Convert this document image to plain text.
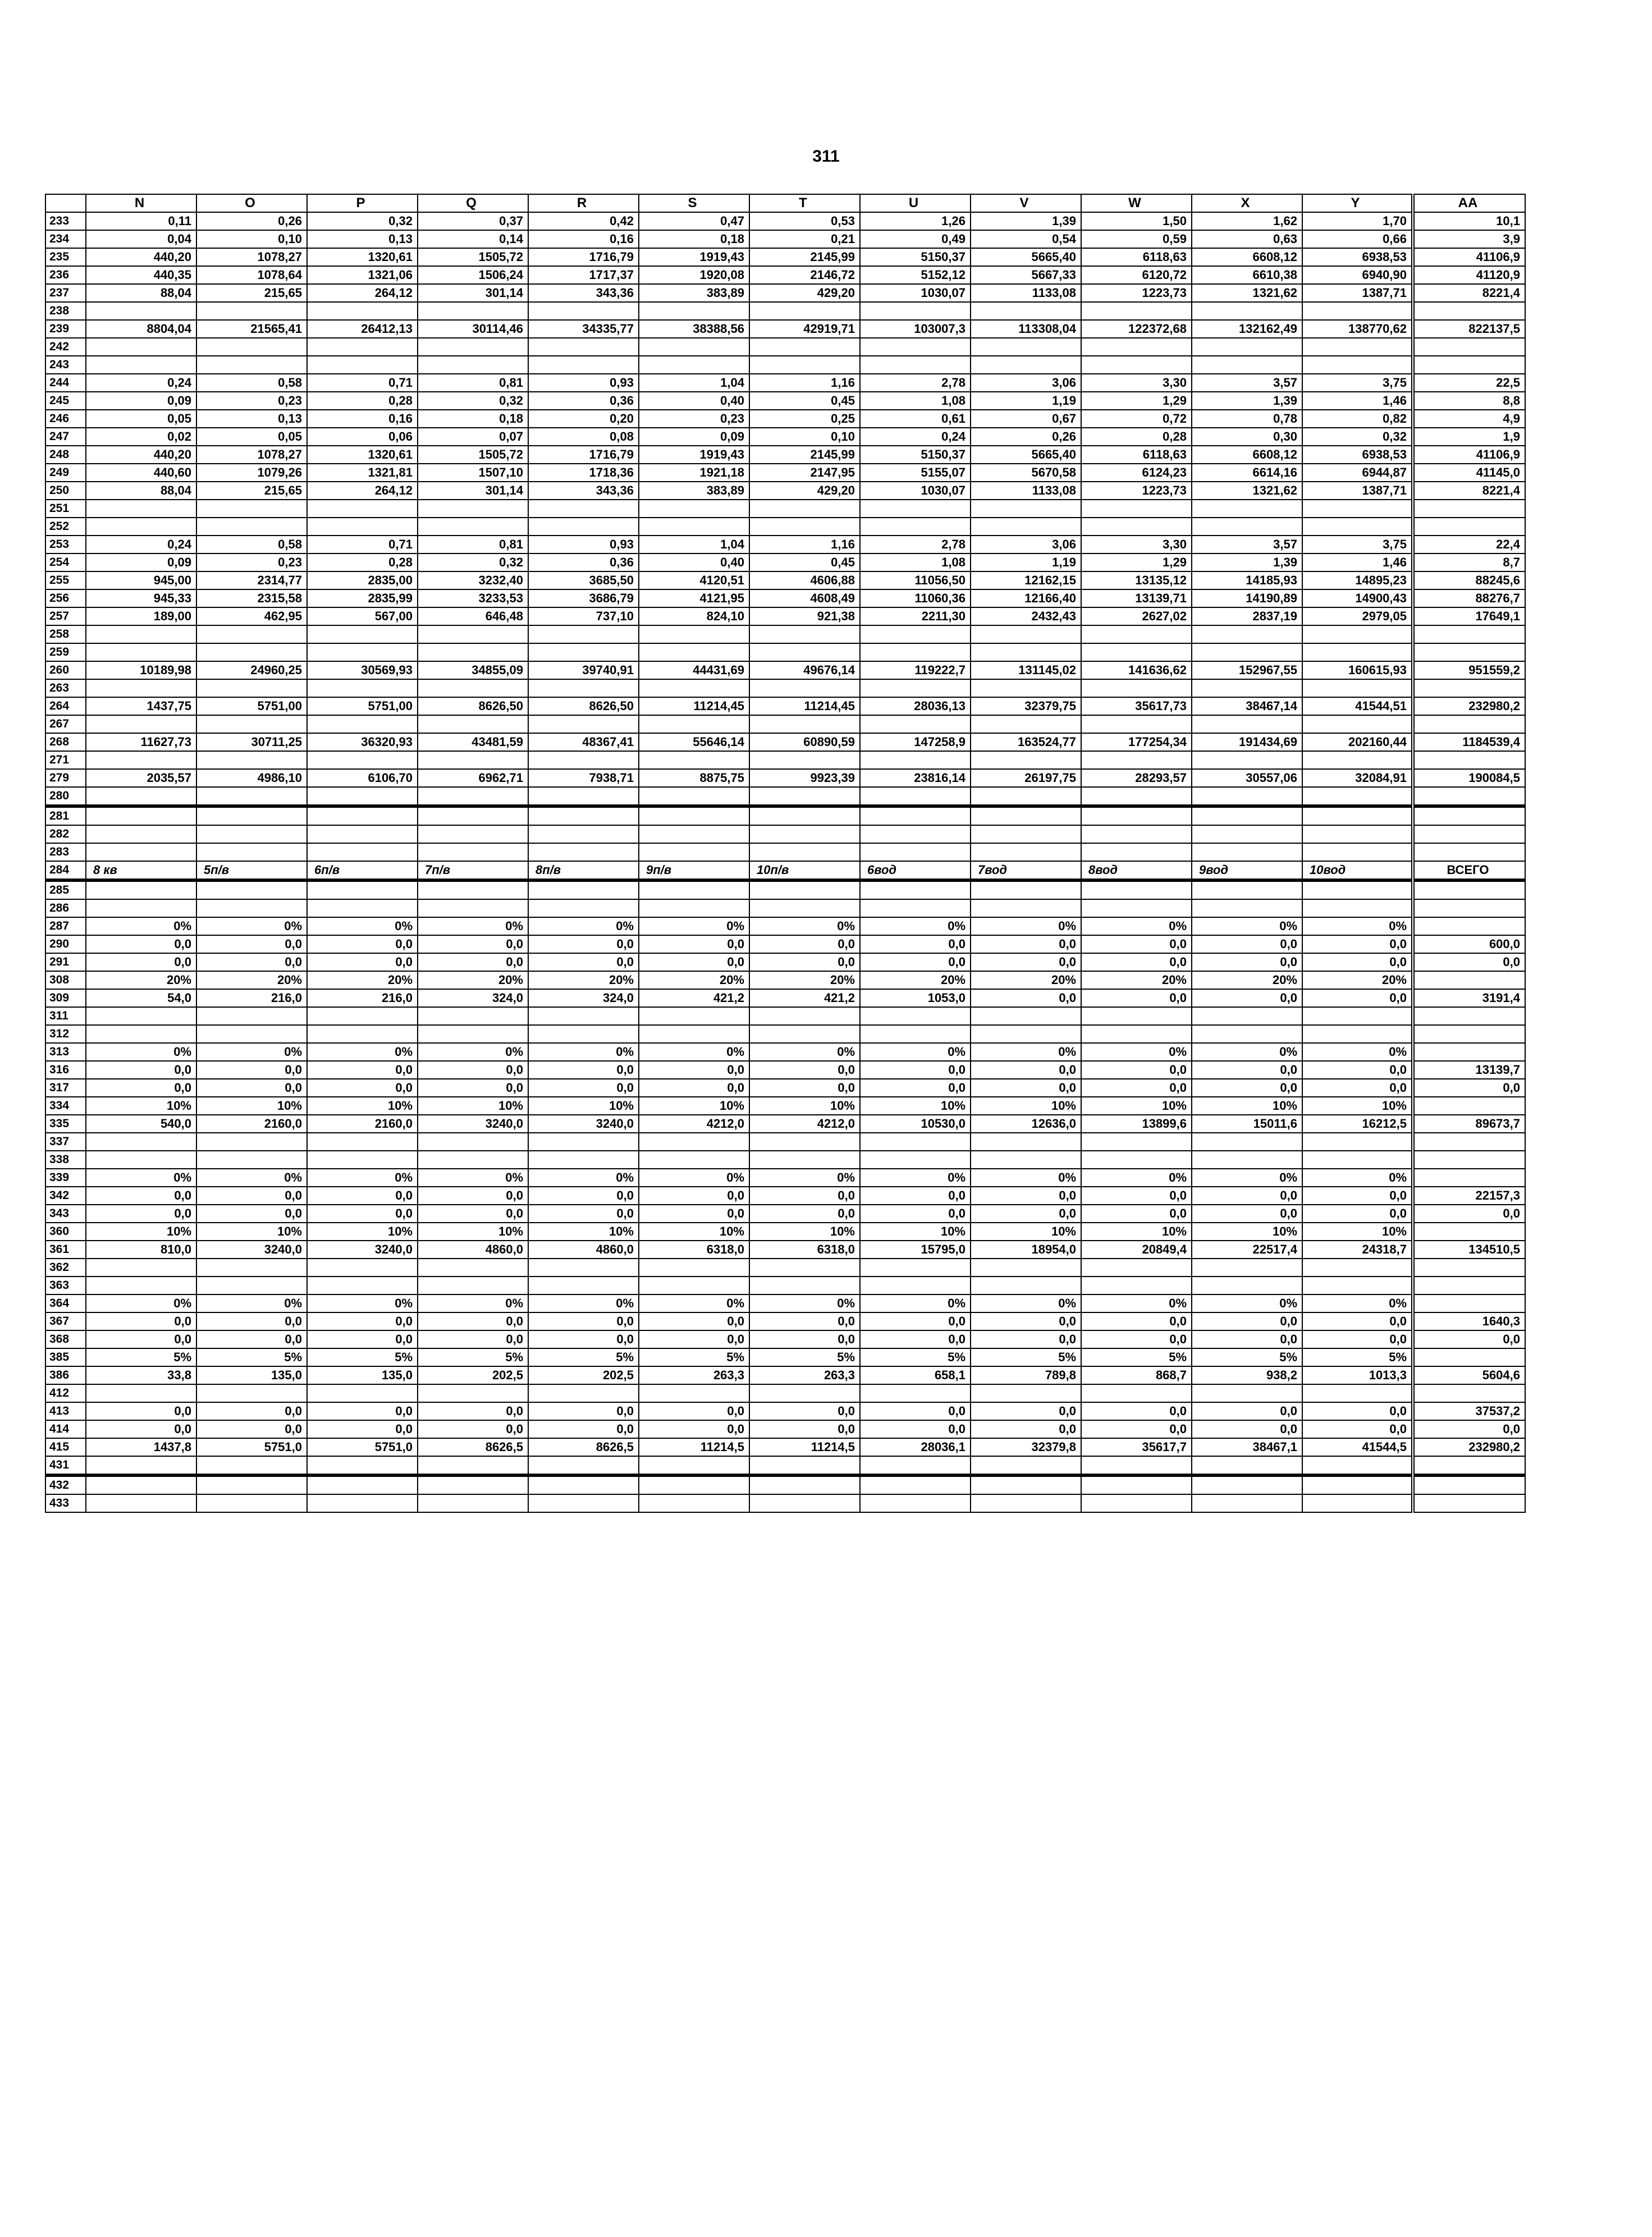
311
	N	O	P	Q	R	S	T	U	V	W	X	Y	AA
233	0,11	0,26	0,32	0,37	0,42	0,47	0,53	1,26	1,39	1,50	1,62	1,70	10,1
234	0,04	0,10	0,13	0,14	0,16	0,18	0,21	0,49	0,54	0,59	0,63	0,66	3,9
235	440,20	1078,27	1320,61	1505,72	1716,79	1919,43	2145,99	5150,37	5665,40	6118,63	6608,12	6938,53	41106,9
236	440,35	1078,64	1321,06	1506,24	1717,37	1920,08	2146,72	5152,12	5667,33	6120,72	6610,38	6940,90	41120,9
237	88,04	215,65	264,12	301,14	343,36	383,89	429,20	1030,07	1133,08	1223,73	1321,62	1387,71	8221,4
238													
239	8804,04	21565,41	26412,13	30114,46	34335,77	38388,56	42919,71	103007,3	113308,04	122372,68	132162,49	138770,62	822137,5
242													
243													
244	0,24	0,58	0,71	0,81	0,93	1,04	1,16	2,78	3,06	3,30	3,57	3,75	22,5
245	0,09	0,23	0,28	0,32	0,36	0,40	0,45	1,08	1,19	1,29	1,39	1,46	8,8
246	0,05	0,13	0,16	0,18	0,20	0,23	0,25	0,61	0,67	0,72	0,78	0,82	4,9
247	0,02	0,05	0,06	0,07	0,08	0,09	0,10	0,24	0,26	0,28	0,30	0,32	1,9
248	440,20	1078,27	1320,61	1505,72	1716,79	1919,43	2145,99	5150,37	5665,40	6118,63	6608,12	6938,53	41106,9
249	440,60	1079,26	1321,81	1507,10	1718,36	1921,18	2147,95	5155,07	5670,58	6124,23	6614,16	6944,87	41145,0
250	88,04	215,65	264,12	301,14	343,36	383,89	429,20	1030,07	1133,08	1223,73	1321,62	1387,71	8221,4
251													
252													
253	0,24	0,58	0,71	0,81	0,93	1,04	1,16	2,78	3,06	3,30	3,57	3,75	22,4
254	0,09	0,23	0,28	0,32	0,36	0,40	0,45	1,08	1,19	1,29	1,39	1,46	8,7
255	945,00	2314,77	2835,00	3232,40	3685,50	4120,51	4606,88	11056,50	12162,15	13135,12	14185,93	14895,23	88245,6
256	945,33	2315,58	2835,99	3233,53	3686,79	4121,95	4608,49	11060,36	12166,40	13139,71	14190,89	14900,43	88276,7
257	189,00	462,95	567,00	646,48	737,10	824,10	921,38	2211,30	2432,43	2627,02	2837,19	2979,05	17649,1
258													
259													
260	10189,98	24960,25	30569,93	34855,09	39740,91	44431,69	49676,14	119222,7	131145,02	141636,62	152967,55	160615,93	951559,2
263													
264	1437,75	5751,00	5751,00	8626,50	8626,50	11214,45	11214,45	28036,13	32379,75	35617,73	38467,14	41544,51	232980,2
267													
268	11627,73	30711,25	36320,93	43481,59	48367,41	55646,14	60890,59	147258,9	163524,77	177254,34	191434,69	202160,44	1184539,4
271													
279	2035,57	4986,10	6106,70	6962,71	7938,71	8875,75	9923,39	23816,14	26197,75	28293,57	30557,06	32084,91	190084,5
280													
281													
282													
283													
284	8 кв	5п/в	6п/в	7п/в	8п/в	9п/в	10п/в	6вод	7вод	8вод	9вод	10вод	ВСЕГО
285													
286													
287	0%	0%	0%	0%	0%	0%	0%	0%	0%	0%	0%	0%	
290	0,0	0,0	0,0	0,0	0,0	0,0	0,0	0,0	0,0	0,0	0,0	0,0	600,0
291	0,0	0,0	0,0	0,0	0,0	0,0	0,0	0,0	0,0	0,0	0,0	0,0	0,0
308	20%	20%	20%	20%	20%	20%	20%	20%	20%	20%	20%	20%	
309	54,0	216,0	216,0	324,0	324,0	421,2	421,2	1053,0	0,0	0,0	0,0	0,0	3191,4
311													
312													
313	0%	0%	0%	0%	0%	0%	0%	0%	0%	0%	0%	0%	
316	0,0	0,0	0,0	0,0	0,0	0,0	0,0	0,0	0,0	0,0	0,0	0,0	13139,7
317	0,0	0,0	0,0	0,0	0,0	0,0	0,0	0,0	0,0	0,0	0,0	0,0	0,0
334	10%	10%	10%	10%	10%	10%	10%	10%	10%	10%	10%	10%	
335	540,0	2160,0	2160,0	3240,0	3240,0	4212,0	4212,0	10530,0	12636,0	13899,6	15011,6	16212,5	89673,7
337													
338													
339	0%	0%	0%	0%	0%	0%	0%	0%	0%	0%	0%	0%	
342	0,0	0,0	0,0	0,0	0,0	0,0	0,0	0,0	0,0	0,0	0,0	0,0	22157,3
343	0,0	0,0	0,0	0,0	0,0	0,0	0,0	0,0	0,0	0,0	0,0	0,0	0,0
360	10%	10%	10%	10%	10%	10%	10%	10%	10%	10%	10%	10%	
361	810,0	3240,0	3240,0	4860,0	4860,0	6318,0	6318,0	15795,0	18954,0	20849,4	22517,4	24318,7	134510,5
362													
363													
364	0%	0%	0%	0%	0%	0%	0%	0%	0%	0%	0%	0%	
367	0,0	0,0	0,0	0,0	0,0	0,0	0,0	0,0	0,0	0,0	0,0	0,0	1640,3
368	0,0	0,0	0,0	0,0	0,0	0,0	0,0	0,0	0,0	0,0	0,0	0,0	0,0
385	5%	5%	5%	5%	5%	5%	5%	5%	5%	5%	5%	5%	
386	33,8	135,0	135,0	202,5	202,5	263,3	263,3	658,1	789,8	868,7	938,2	1013,3	5604,6
412													
413	0,0	0,0	0,0	0,0	0,0	0,0	0,0	0,0	0,0	0,0	0,0	0,0	37537,2
414	0,0	0,0	0,0	0,0	0,0	0,0	0,0	0,0	0,0	0,0	0,0	0,0	0,0
415	1437,8	5751,0	5751,0	8626,5	8626,5	11214,5	11214,5	28036,1	32379,8	35617,7	38467,1	41544,5	232980,2
431													
432													
433													
